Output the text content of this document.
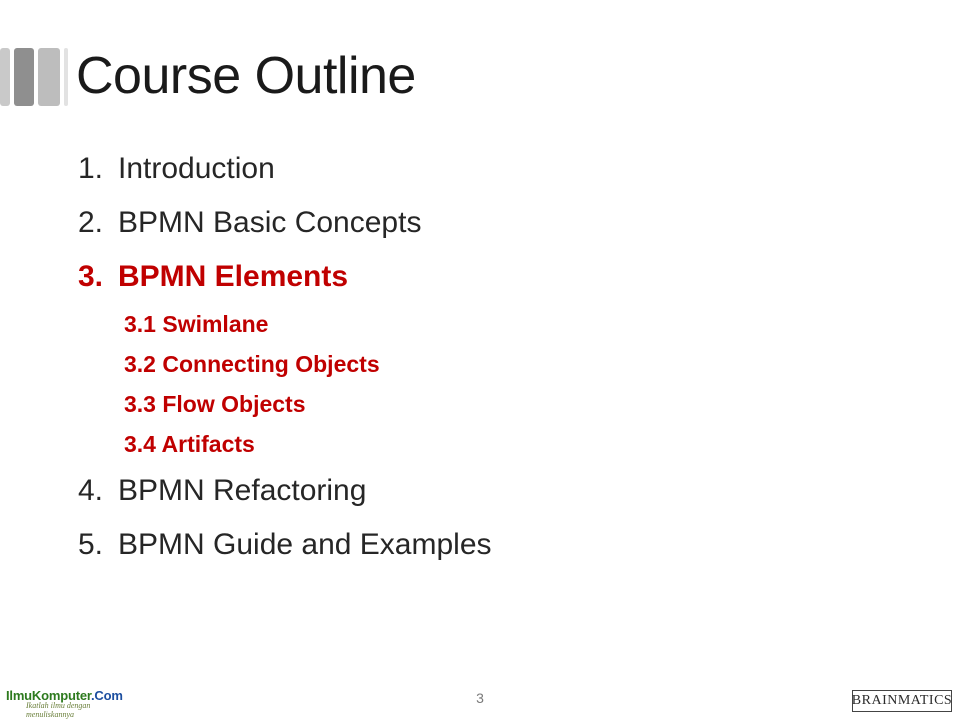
Course Outline
1. Introduction
2. BPMN Basic Concepts
3. BPMN Elements
3.1 Swimlane
3.2 Connecting Objects
3.3 Flow Objects
3.4 Artifacts
4. BPMN Refactoring
5. BPMN Guide and Examples
IlmuKomputer.Com
Ikatlah ilmu dengan menuliskannya
3	BRAINMATICS
